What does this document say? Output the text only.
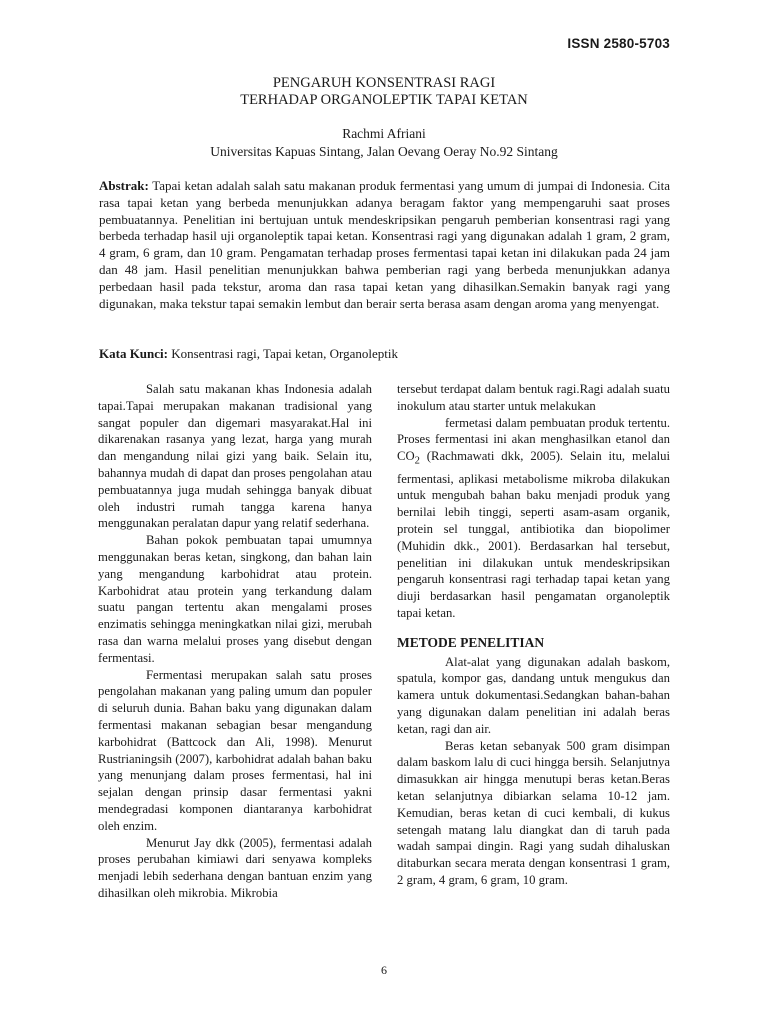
ISSN 2580-5703
PENGARUH KONSENTRASI RAGI
TERHADAP ORGANOLEPTIK TAPAI KETAN
Rachmi Afriani
Universitas Kapuas Sintang, Jalan Oevang Oeray No.92 Sintang
Abstrak: Tapai ketan adalah salah satu makanan produk fermentasi yang umum di jumpai di Indonesia. Cita rasa tapai ketan yang berbeda menunjukkan adanya beragam faktor yang mempengaruhi saat proses pembuatannya. Penelitian ini bertujuan untuk mendeskripsikan pengaruh pemberian konsentrasi ragi yang berbeda terhadap hasil uji organoleptik tapai ketan. Konsentrasi ragi yang digunakan adalah 1 gram, 2 gram, 4 gram, 6 gram, dan 10 gram. Pengamatan terhadap proses fermentasi tapai ketan ini dilakukan pada 24 jam dan 48 jam. Hasil penelitian menunjukkan bahwa pemberian ragi yang berbeda menunjukkan adanya perbedaan hasil pada tekstur, aroma dan rasa tapai ketan yang dihasilkan.Semakin banyak ragi yang digunakan, maka tekstur tapai semakin lembut dan berair serta berasa asam dengan aroma yang menyengat.
Kata Kunci: Konsentrasi ragi, Tapai ketan, Organoleptik

Salah satu makanan khas Indonesia adalah tapai.Tapai merupakan makanan tradisional yang sangat populer dan digemari masyarakat.Hal ini dikarenakan rasanya yang lezat, harga yang murah dan mengandung nilai gizi yang baik. Selain itu, bahannya mudah di dapat dan proses pengolahan atau pembuatannya juga mudah sehingga banyak dibuat oleh industri rumah tangga karena hanya menggunakan peralatan dapur yang relatif sederhana.

Bahan pokok pembuatan tapai umumnya menggunakan beras ketan, singkong, dan bahan lain yang mengandung karbohidrat atau protein. Karbohidrat atau protein yang terkandung dalam suatu pangan tertentu akan mengalami proses enzimatis sehingga meningkatkan nilai gizi, merubah rasa dan warna melalui proses yang disebut dengan fermentasi.

Fermentasi merupakan salah satu proses pengolahan makanan yang paling umum dan populer di seluruh dunia. Bahan baku yang digunakan dalam fermentasi makanan sebagian besar mengandung karbohidrat (Battcock dan Ali, 1998). Menurut Rustrianingsih (2007), karbohidrat adalah bahan baku yang menunjang dalam proses fermentasi, hal ini sejalan dengan prinsip dasar fermentasi yakni mendegradasi komponen diantaranya karbohidrat oleh enzim.

Menurut Jay dkk (2005), fermentasi adalah proses perubahan kimiawi dari senyawa kompleks menjadi lebih sederhana dengan bantuan enzim yang dihasilkan oleh mikrobia. Mikrobia

tersebut terdapat dalam bentuk ragi.Ragi adalah suatu inokulum atau starter untuk melakukan

fermetasi dalam pembuatan produk tertentu. Proses fermentasi ini akan menghasilkan etanol dan $CO_2$ (Rachmawati dkk, 2005). Selain itu, melalui fermentasi, aplikasi metabolisme mikroba dilakukan untuk mengubah bahan baku menjadi produk yang bernilai lebih tinggi, seperti asam-asam organik, protein sel tunggal, antibiotika dan biopolimer (Muhidin dkk., 2001). Berdasarkan hal tersebut, penelitian ini dilakukan untuk mendeskripsikan pengaruh konsentrasi ragi terhadap tapai ketan yang diuji berdasarkan hasil pengamatan organoleptik tapai ketan.

METODE PENELITIAN

Alat-alat yang digunakan adalah baskom, spatula, kompor gas, dandang untuk mengukus dan kamera untuk dokumentasi.Sedangkan bahan-bahan yang digunakan dalam penelitian ini adalah beras ketan, ragi dan air.

Beras ketan sebanyak 500 gram disimpan dalam baskom lalu di cuci hingga bersih. Selanjutnya dimasukkan air hingga menutupi beras ketan.Beras ketan selanjutnya dibiarkan selama 10-12 jam. Kemudian, beras ketan di cuci kembali, di kukus setengah matang lalu diangkat dan di taruh pada wadah sampai dingin. Ragi yang sudah dihaluskan ditaburkan secara merata dengan konsentrasi 1 gram, 2 gram, 4 gram, 6 gram, 10 gram.

6
